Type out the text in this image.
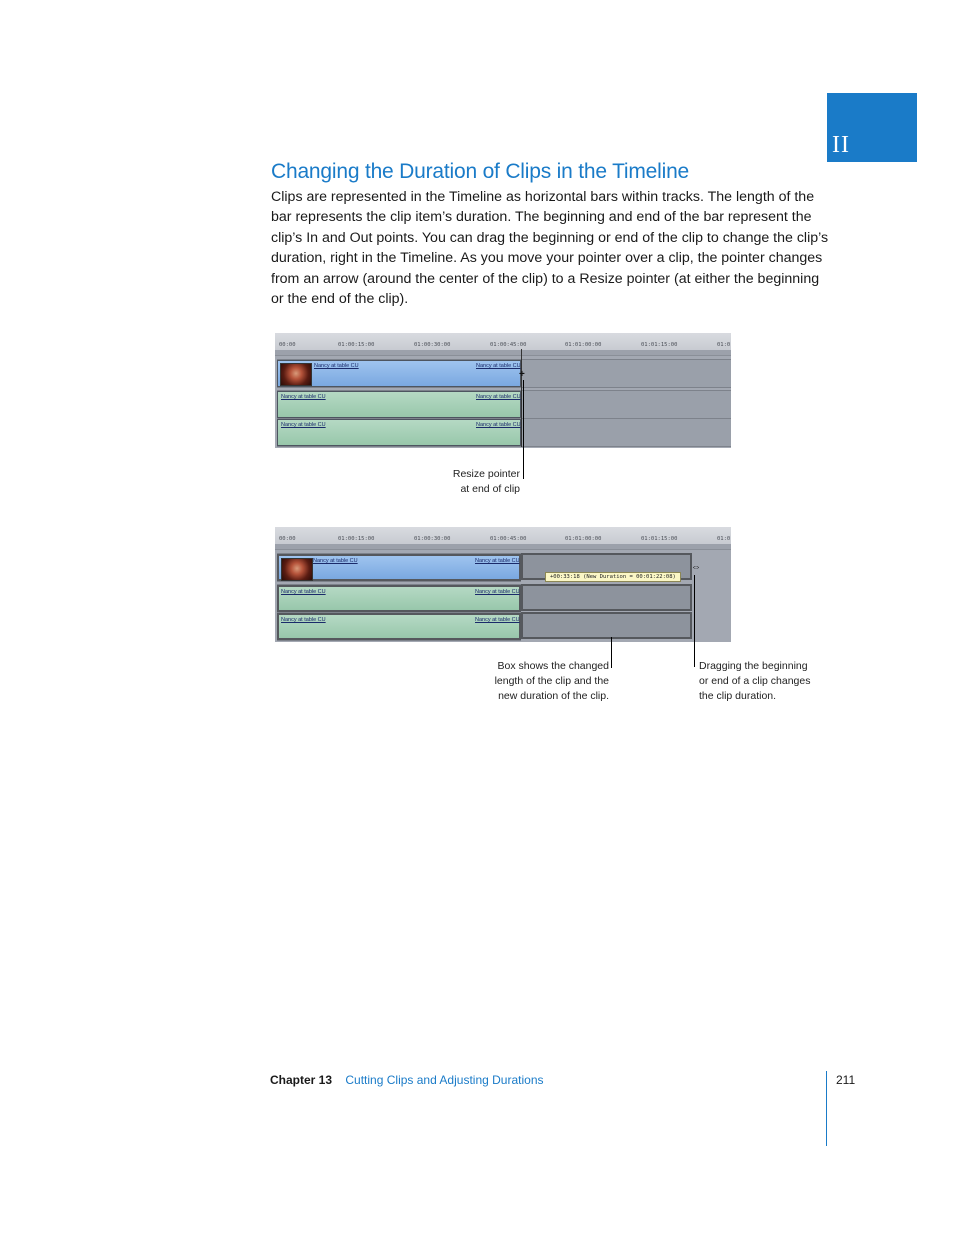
II
Changing the Duration of Clips in the Timeline

Clips are represented in the Timeline as horizontal bars within tracks. The length of the bar represents the clip item’s duration. The beginning and end of the bar represent the clip’s In and Out points. You can drag the beginning or end of the clip to change the clip’s duration, right in the Timeline. As you move your pointer over a clip, the pointer changes from an arrow (around the center of the clip) to a Resize pointer (at either the beginning or the end of the clip).

00:00	01:00:15:00	01:00:30:00	01:00:45:00	01:01:00:00	01:01:15:00	01:0
Nancy at table CU	Nancy at table CU
Nancy at table CU	Nancy at table CU
Nancy at table CU	Nancy at table CU
+

Resize pointer
at end of clip

00:00	01:00:15:00	01:00:30:00	01:00:45:00	01:01:00:00	01:01:15:00	01:0
Nancy at table CU	Nancy at table CU
Nancy at table CU	Nancy at table CU
Nancy at table CU	Nancy at table CU
+00:33:18 (New Duration = 00:01:22:08)
⇔

Box shows the changed
length of the clip and the
new duration of the clip.

Dragging the beginning
or end of a clip changes
the clip duration.

Chapter 13 Cutting Clips and Adjusting Durations	211
